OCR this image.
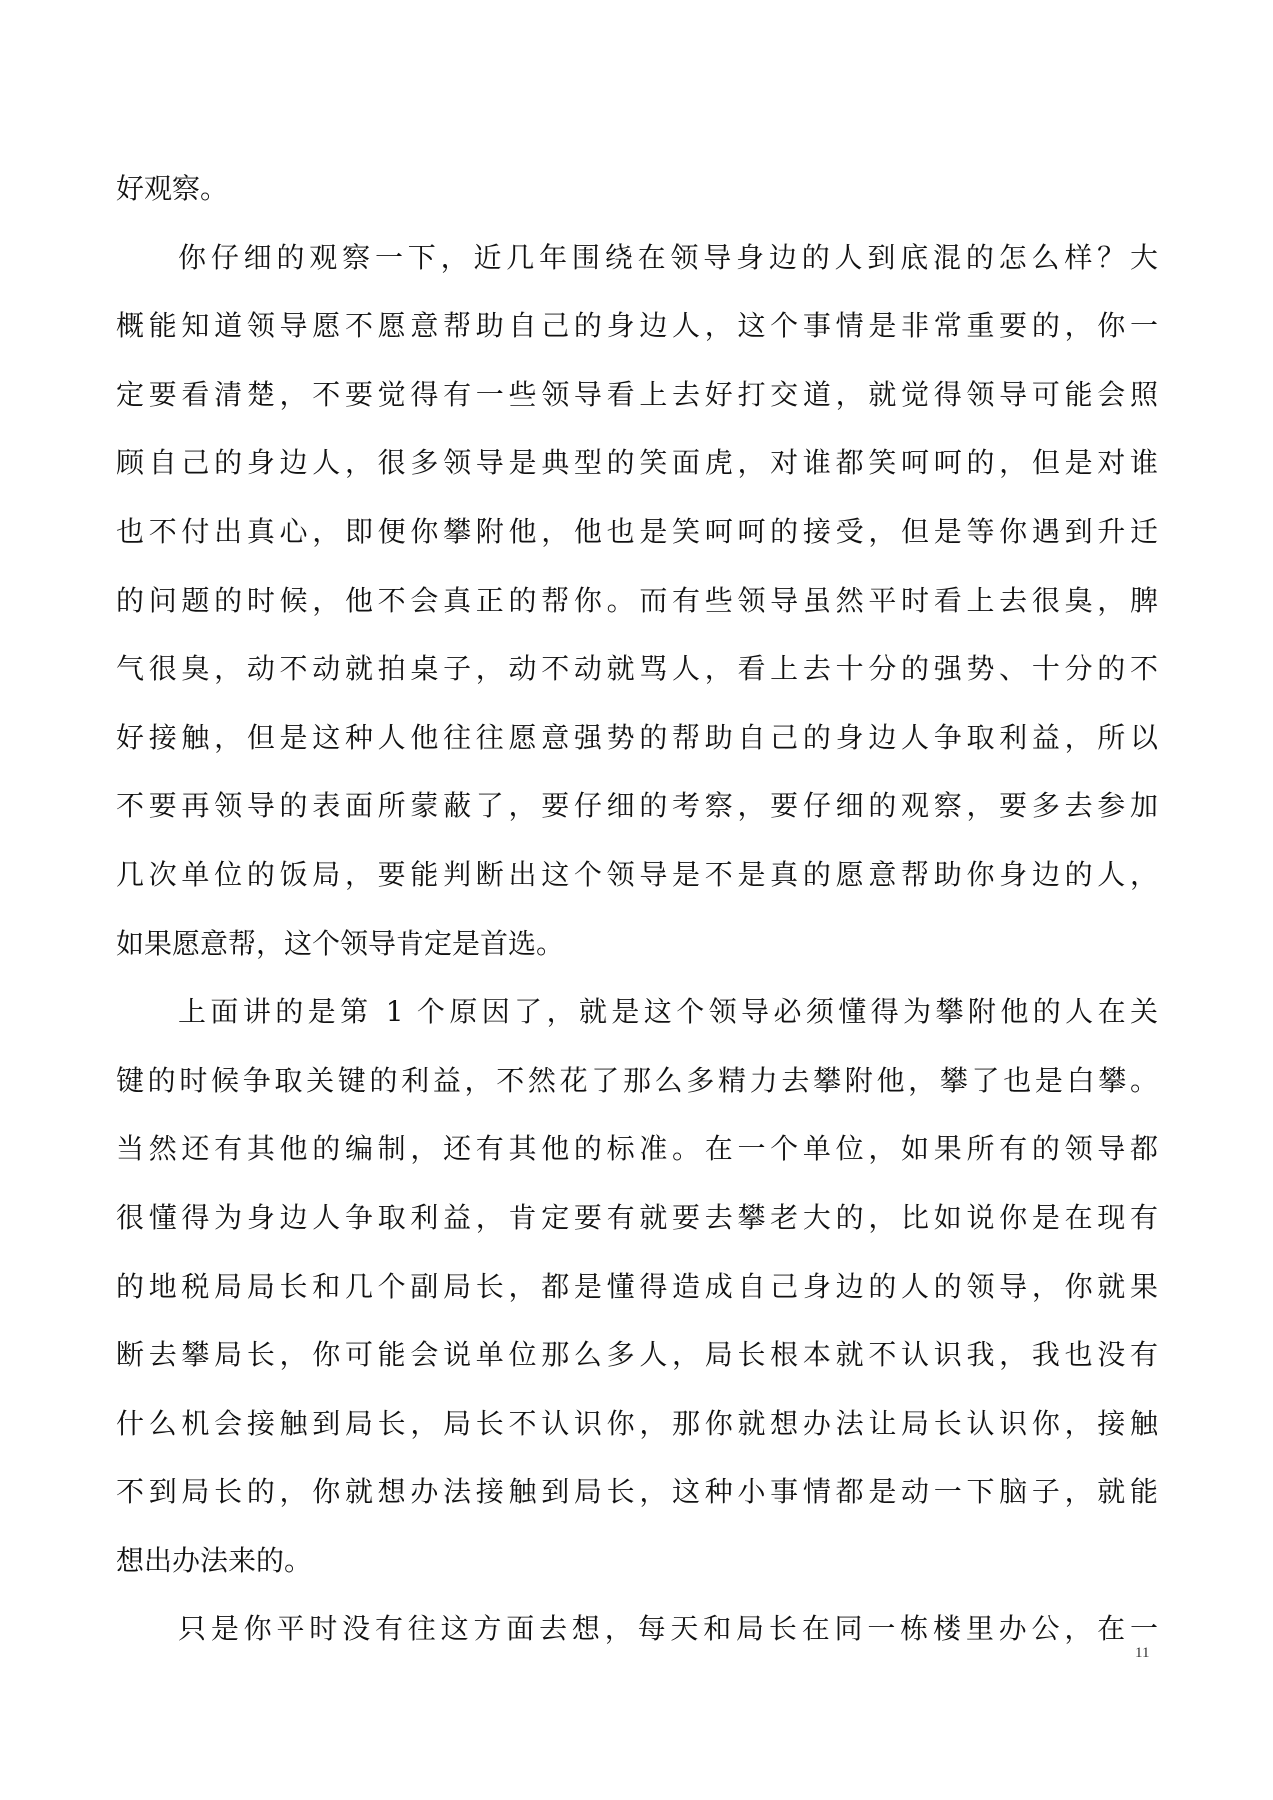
好观察。
你仔细的观察一下，近几年围绕在领导身边的人到底混的怎么样？大
概能知道领导愿不愿意帮助自己的身边人，这个事情是非常重要的，你一
定要看清楚，不要觉得有一些领导看上去好打交道，就觉得领导可能会照
顾自己的身边人，很多领导是典型的笑面虎，对谁都笑呵呵的，但是对谁
也不付出真心，即便你攀附他，他也是笑呵呵的接受，但是等你遇到升迁
的问题的时候，他不会真正的帮你。而有些领导虽然平时看上去很臭，脾
气很臭，动不动就拍桌子，动不动就骂人，看上去十分的强势、十分的不
好接触，但是这种人他往往愿意强势的帮助自己的身边人争取利益，所以
不要再领导的表面所蒙蔽了，要仔细的考察，要仔细的观察，要多去参加
几次单位的饭局，要能判断出这个领导是不是真的愿意帮助你身边的人，
如果愿意帮，这个领导肯定是首选。
上面讲的是第 1 个原因了，就是这个领导必须懂得为攀附他的人在关
键的时候争取关键的利益，不然花了那么多精力去攀附他，攀了也是白攀。
当然还有其他的编制，还有其他的标准。在一个单位，如果所有的领导都
很懂得为身边人争取利益，肯定要有就要去攀老大的，比如说你是在现有
的地税局局长和几个副局长，都是懂得造成自己身边的人的领导，你就果
断去攀局长，你可能会说单位那么多人，局长根本就不认识我，我也没有
什么机会接触到局长，局长不认识你，那你就想办法让局长认识你，接触
不到局长的，你就想办法接触到局长，这种小事情都是动一下脑子，就能
想出办法来的。
只是你平时没有往这方面去想，每天和局长在同一栋楼里办公，在一
11
